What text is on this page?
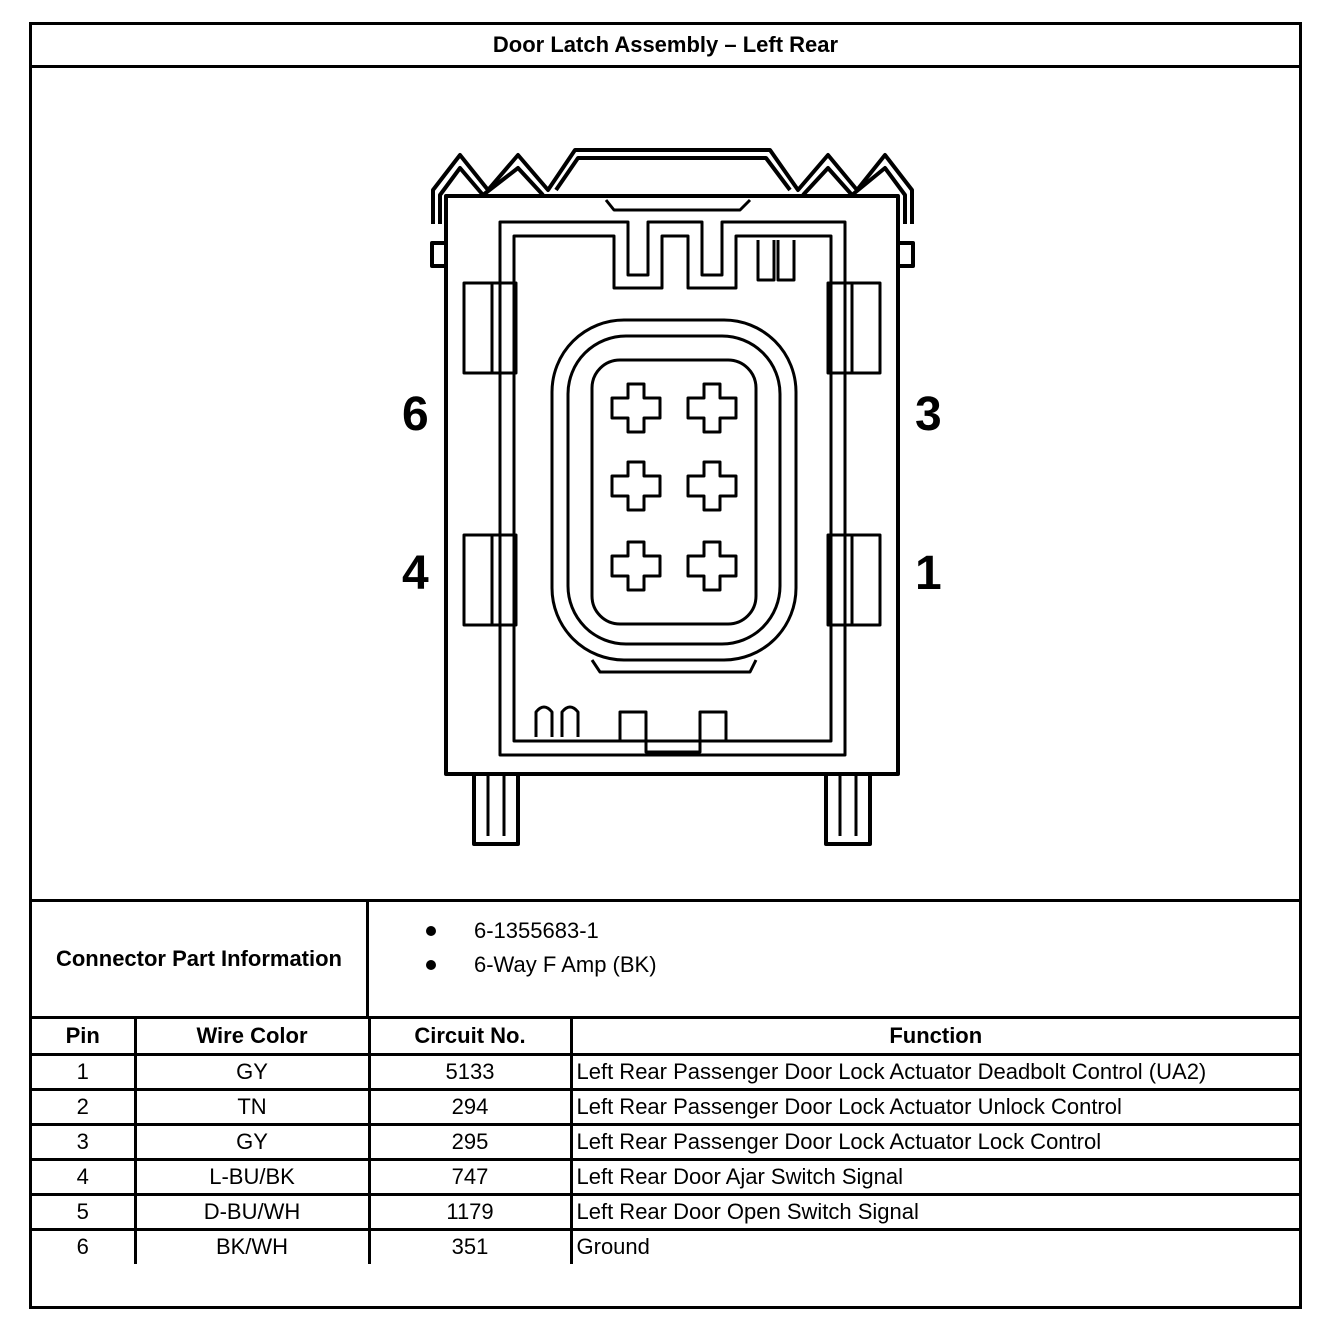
Door Latch Assembly – Left Rear
6
4
3
1
Connector Part Information
6-1355683-1
6-Way F Amp (BK)
Pin	Wire Color	Circuit No.	Function
1	GY	5133	Left Rear Passenger Door Lock Actuator Deadbolt Control (UA2)
2	TN	294	Left Rear Passenger Door Lock Actuator Unlock Control
3	GY	295	Left Rear Passenger Door Lock Actuator Lock Control
4	L-BU/BK	747	Left Rear Door Ajar Switch Signal
5	D-BU/WH	1179	Left Rear Door Open Switch Signal
6	BK/WH	351	Ground
